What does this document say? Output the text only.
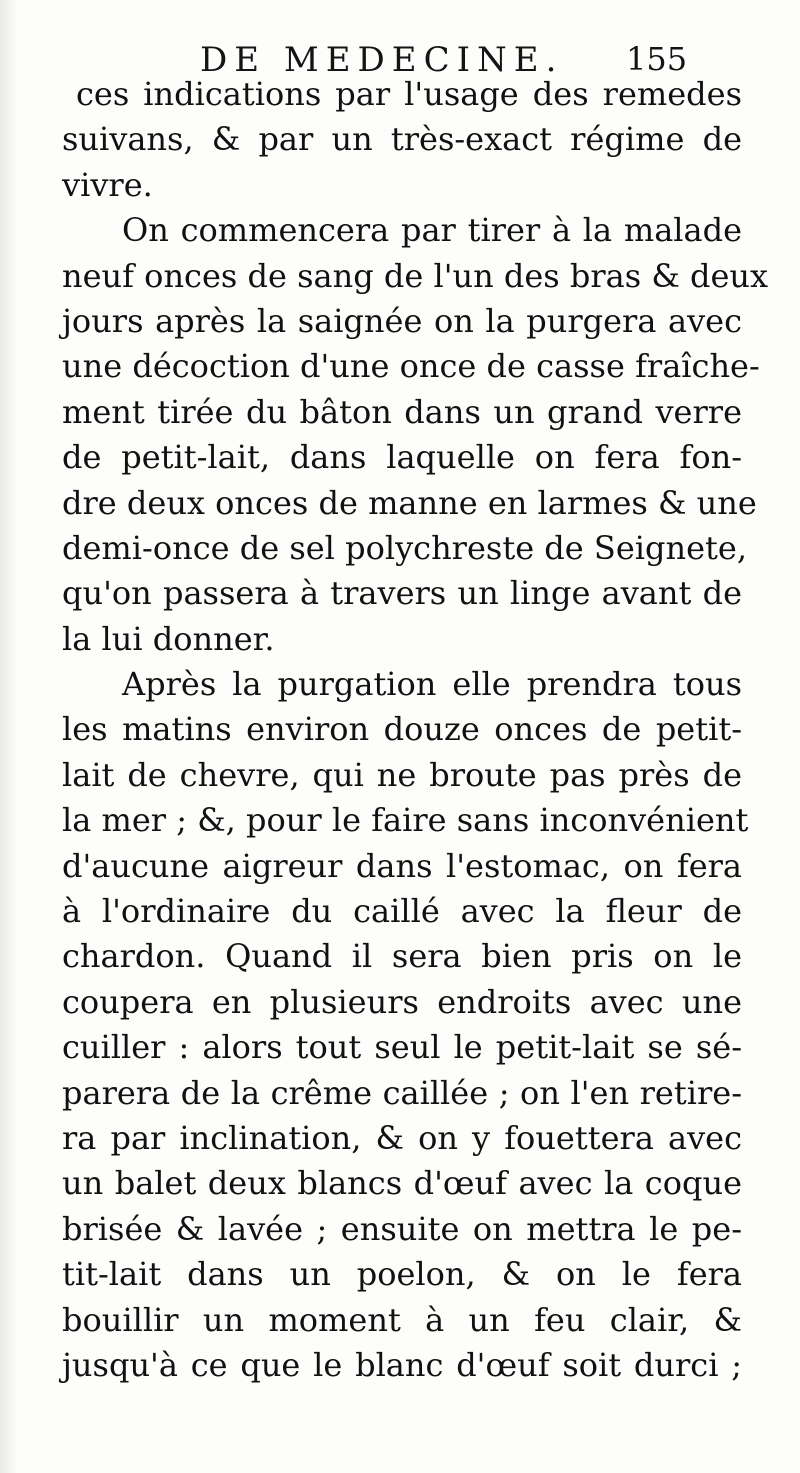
DE MEDECINE. 155
ces indications par l'usage des remedes
suivans, & par un très-exact régime de
vivre.
On commencera par tirer à la malade
neuf onces de sang de l'un des bras & deux
jours après la saignée on la purgera avec
une décoction d'une once de casse fraîche-
ment tirée du bâton dans un grand verre
de petit-lait, dans laquelle on fera fon-
dre deux onces de manne en larmes & une
demi-once de sel polychreste de Seignete,
qu'on passera à travers un linge avant de
la lui donner.
Après la purgation elle prendra tous
les matins environ douze onces de petit-
lait de chevre, qui ne broute pas près de
la mer ; &, pour le faire sans inconvénient
d'aucune aigreur dans l'estomac, on fera
à l'ordinaire du caillé avec la fleur de
chardon. Quand il sera bien pris on le
coupera en plusieurs endroits avec une
cuiller : alors tout seul le petit-lait se sé-
parera de la crême caillée ; on l'en retire-
ra par inclination, & on y fouettera avec
un balet deux blancs d'œuf avec la coque
brisée & lavée ; ensuite on mettra le pe-
tit-lait dans un poelon, & on le fera
bouillir un moment à un feu clair, &
jusqu'à ce que le blanc d'œuf soit durci ;
